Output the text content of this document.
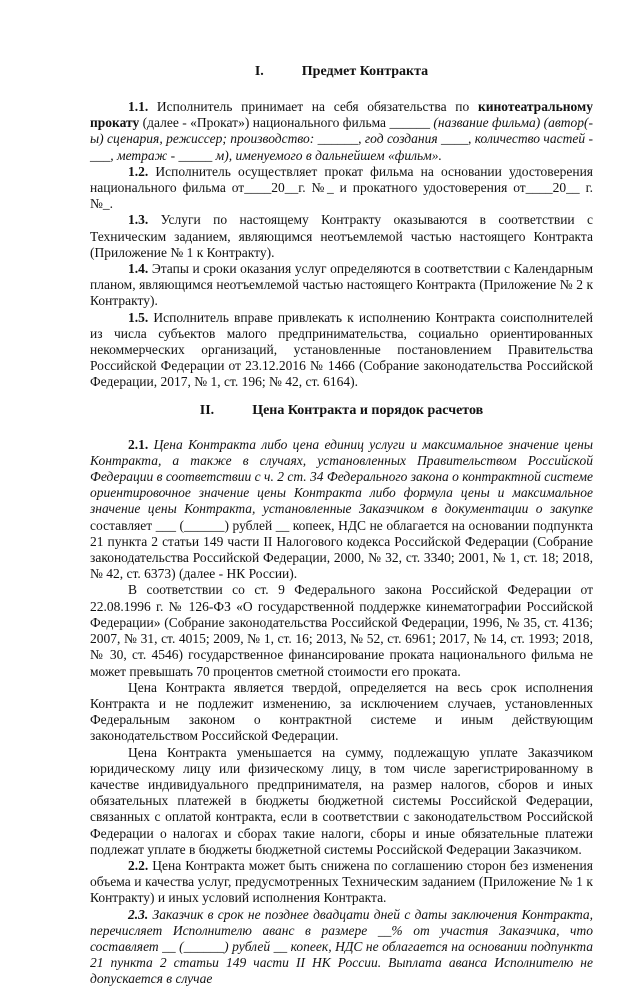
I.	Предмет Контракта

1.1. Исполнитель принимает на себя обязательства по кинотеатральному прокату (далее - «Прокат») национального фильма ______ (название фильма) (автор(-ы) сценария, режиссер; производство: ______, год создания ____, количество частей - ___, метраж - _____ м), именуемого в дальнейшем «фильм».

1.2. Исполнитель осуществляет прокат фильма на основании удостоверения национального фильма от____20__г. №_ и прокатного удостоверения от____20__ г. №_.

1.3. Услуги по настоящему Контракту оказываются в соответствии с Техническим заданием, являющимся неотъемлемой частью настоящего Контракта (Приложение № 1 к Контракту).

1.4. Этапы и сроки оказания услуг определяются в соответствии с Календарным планом, являющимся неотъемлемой частью настоящего Контракта (Приложение № 2 к Контракту).

1.5. Исполнитель вправе привлекать к исполнению Контракта соисполнителей из числа субъектов малого предпринимательства, социально ориентированных некоммерческих организаций, установленные постановлением Правительства Российской Федерации от 23.12.2016 № 1466 (Собрание законодательства Российской Федерации, 2017, № 1, ст. 196; № 42, ст. 6164).

II.	Цена Контракта и порядок расчетов

2.1. Цена Контракта либо цена единиц услуги и максимальное значение цены Контракта, а также в случаях, установленных Правительством Российской Федерации в соответствии с ч. 2 ст. 34 Федерального закона о контрактной системе ориентировочное значение цены Контракта либо формула цены и максимальное значение цены Контракта, установленные Заказчиком в документации о закупке составляет ___ (______) рублей __ копеек, НДС не облагается на основании подпункта 21 пункта 2 статьи 149 части II Налогового кодекса Российской Федерации (Собрание законодательства Российской Федерации, 2000, № 32, ст. 3340; 2001, № 1, ст. 18; 2018, № 42, ст. 6373) (далее - НК России).

В соответствии со ст. 9 Федерального закона Российской Федерации от 22.08.1996 г. № 126-ФЗ «О государственной поддержке кинематографии Российской Федерации» (Собрание законодательства Российской Федерации, 1996, № 35, ст. 4136; 2007, № 31, ст. 4015; 2009, № 1, ст. 16; 2013, № 52, ст. 6961; 2017, № 14, ст. 1993; 2018, № 30, ст. 4546) государственное финансирование проката национального фильма не может превышать 70 процентов сметной стоимости его проката.

Цена Контракта является твердой, определяется на весь срок исполнения Контракта и не подлежит изменению, за исключением случаев, установленных Федеральным законом о контрактной системе и иным действующим законодательством Российской Федерации.

Цена Контракта уменьшается на сумму, подлежащую уплате Заказчиком юридическому лицу или физическому лицу, в том числе зарегистрированному в качестве индивидуального предпринимателя, на размер налогов, сборов и иных обязательных платежей в бюджеты бюджетной системы Российской Федерации, связанных с оплатой контракта, если в соответствии с законодательством Российской Федерации о налогах и сборах такие налоги, сборы и иные обязательные платежи подлежат уплате в бюджеты бюджетной системы Российской Федерации Заказчиком.

2.2. Цена Контракта может быть снижена по соглашению сторон без изменения объема и качества услуг, предусмотренных Техническим заданием (Приложение № 1 к Контракту) и иных условий исполнения Контракта.

2.3. Заказчик в срок не позднее двадцати дней с даты заключения Контракта, перечисляет Исполнителю аванс в размере __% от участия Заказчика, что составляет __ (______) рублей __ копеек, НДС не облагается на основании подпункта 21 пункта 2 статьи 149 части II НК России. Выплата аванса Исполнителю не допускается в случае
